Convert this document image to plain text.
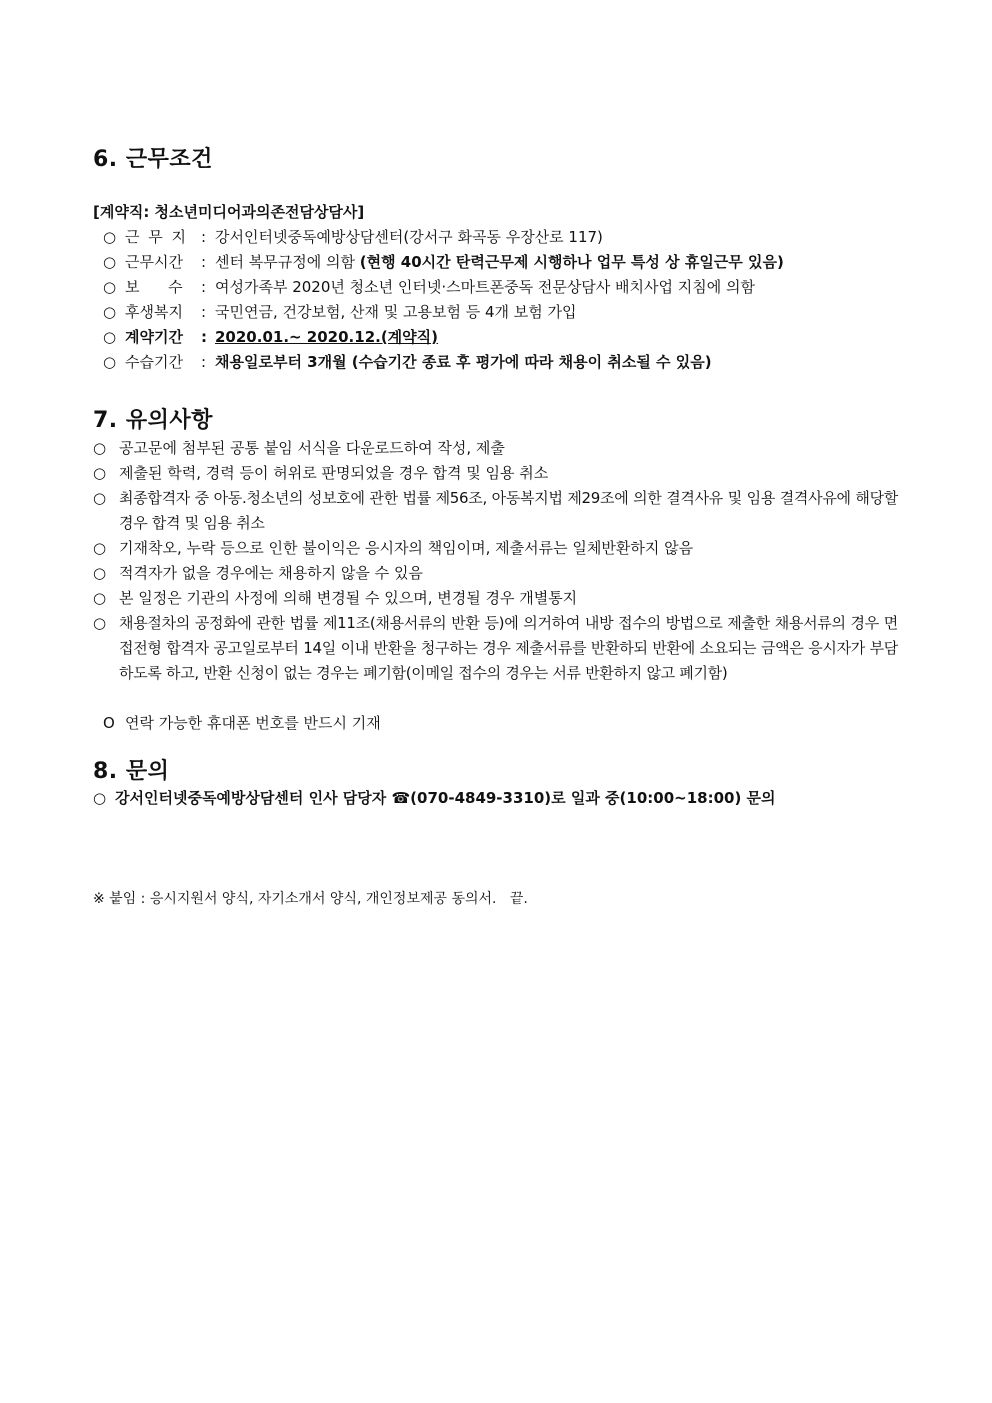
6. 근무조건
[계약직: 청소년미디어과의존전담상담사]
○ 근 무 지 : 강서인터넷중독예방상담센터(강서구 화곡동 우장산로 117)
○ 근무시간 : 센터 복무규정에 의함 (현행 40시간 탄력근무제 시행하나 업무 특성 상 휴일근무 있음)
○ 보      수 : 여성가족부 2020년 청소년 인터넷·스마트폰중독 전문상담사 배치사업 지침에 의함
○ 후생복지 : 국민연금, 건강보험, 산재 및 고용보험 등 4개 보험 가입
○ 계약기간 : 2020.01.~ 2020.12.(계약직)
○ 수습기간 : 채용일로부터 3개월 (수습기간 종료 후 평가에 따라 채용이 취소될 수 있음)
7. 유의사항
○ 공고문에 첨부된 공통 붙임 서식을 다운로드하여 작성, 제출
○ 제출된 학력, 경력 등이 허위로 판명되었을 경우 합격 및 임용 취소
○ 최종합격자 중 아동.청소년의 성보호에 관한 법률 제56조, 아동복지법 제29조에 의한 결격사유 및 임용 결격사유에 해당할 경우 합격 및 임용 취소
○ 기재착오, 누락 등으로 인한 불이익은 응시자의 책임이며, 제출서류는 일체반환하지 않음
○ 적격자가 없을 경우에는 채용하지 않을 수 있음
○ 본 일정은 기관의 사정에 의해 변경될 수 있으며, 변경될 경우 개별통지
○ 채용절차의 공정화에 관한 법률 제11조(채용서류의 반환 등)에 의거하여 내방 접수의 방법으로 제출한 채용서류의 경우 면접전형 합격자 공고일로부터 14일 이내 반환을 청구하는 경우 제출서류를 반환하되 반환에 소요되는 금액은 응시자가 부담하도록 하고, 반환 신청이 없는 경우는 폐기함(이메일 접수의 경우는 서류 반환하지 않고 폐기함)
O 연락 가능한 휴대폰 번호를 반드시 기재
8. 문의
○ 강서인터넷중독예방상담센터 인사 담당자 ☎(070-4849-3310)로 일과 중(10:00~18:00) 문의
※ 붙임 : 응시지원서 양식, 자기소개서 양식, 개인정보제공 동의서.   끝.
